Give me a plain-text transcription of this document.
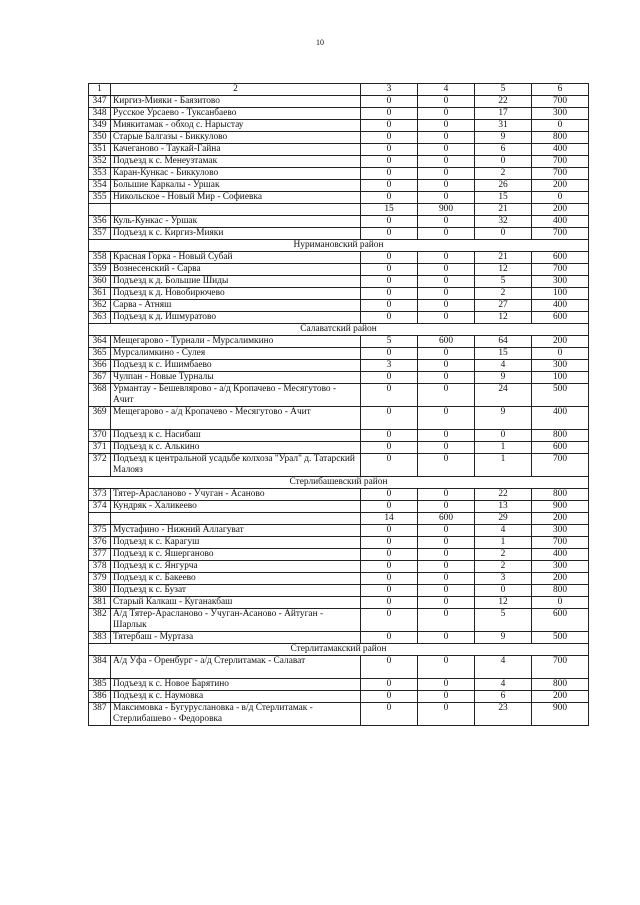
10
1	2	3	4	5	6
347	Киргиз-Мияки - Баязитово	0	0	22	700
348	Русское Урсаево - Туксанбаево	0	0	17	300
349	Миякитамак - обход с. Нарыстау	0	0	31	0
350	Старые Балгазы - Биккулово	0	0	9	800
351	Качеганово - Таукай-Гайна	0	0	6	400
352	Подъезд к с. Менеузтамак	0	0	0	700
353	Каран-Кункас - Биккулово	0	0	2	700
354	Большие Каркалы - Уршак	0	0	26	200
355	Никольское - Новый Мир - Софиевка	0	0	15	0
		15	900	21	200
356	Куль-Кункас - Уршак	0	0	32	400
357	Подъезд к с. Киргиз-Мияки	0	0	0	700
Нуримановский район					
358	Красная Горка - Новый Субай	0	0	21	600
359	Вознесенский - Сарва	0	0	12	700
360	Подъезд к д. Большие Шиды	0	0	5	300
361	Подъезд к д. Новобирючево	0	0	2	100
362	Сарва - Атняш	0	0	27	400
363	Подъезд к д. Ишмуратово	0	0	12	600
Салаватский район					
364	Мещегарово - Турнали - Мурсалимкино	5	600	64	200
365	Мурсалимкино - Сулея	0	0	15	0
366	Подъезд к с. Ишимбаево	3	0	4	300
367	Чулпан - Новые Турналы	0	0	9	100
368	Урмантау - Бешевлярово - а/д Кропачево - Месягутово - Ачит	0	0	24	500
369	Мещегарово - а/д Кропачево - Месягутово - Ачит	0	0	9	400
370	Подъезд к с. Насибаш	0	0	0	800
371	Подъезд к с. Алькино	0	0	1	600
372	Подъезд к центральной усадьбе колхоза "Урал" д. Татарский Малояз	0	0	1	700
Стерлибашевский район					
373	Тятер-Арасланово - Учуган - Асаново	0	0	22	800
374	Кундряк - Халикеево	0	0	13	900
		14	600	29	200
375	Мустафино - Нижний Аллагуват	0	0	4	300
376	Подъезд к с. Карагуш	0	0	1	700
377	Подъезд к с. Яшерганово	0	0	2	400
378	Подъезд к с. Янгурча	0	0	2	300
379	Подъезд к с. Бакеево	0	0	3	200
380	Подъезд к с. Бузат	0	0	0	800
381	Старый Калкаш - Куганакбаш	0	0	12	0
382	А/д Тятер-Арасланово - Учуган-Асаново - Айтуган - Шарлык	0	0	5	600
383	Тятербаш - Муртаза	0	0	9	500
Стерлитамакский район					
384	А/д Уфа - Оренбург - а/д Стерлитамак - Салават	0	0	4	700
385	Подъезд к с. Новое Барятино	0	0	4	800
386	Подъезд к с. Наумовка	0	0	6	200
387	Максимовка - Бугуруслановка - в/д Стерлитамак - Стерлибашево - Федоровка	0	0	23	900
